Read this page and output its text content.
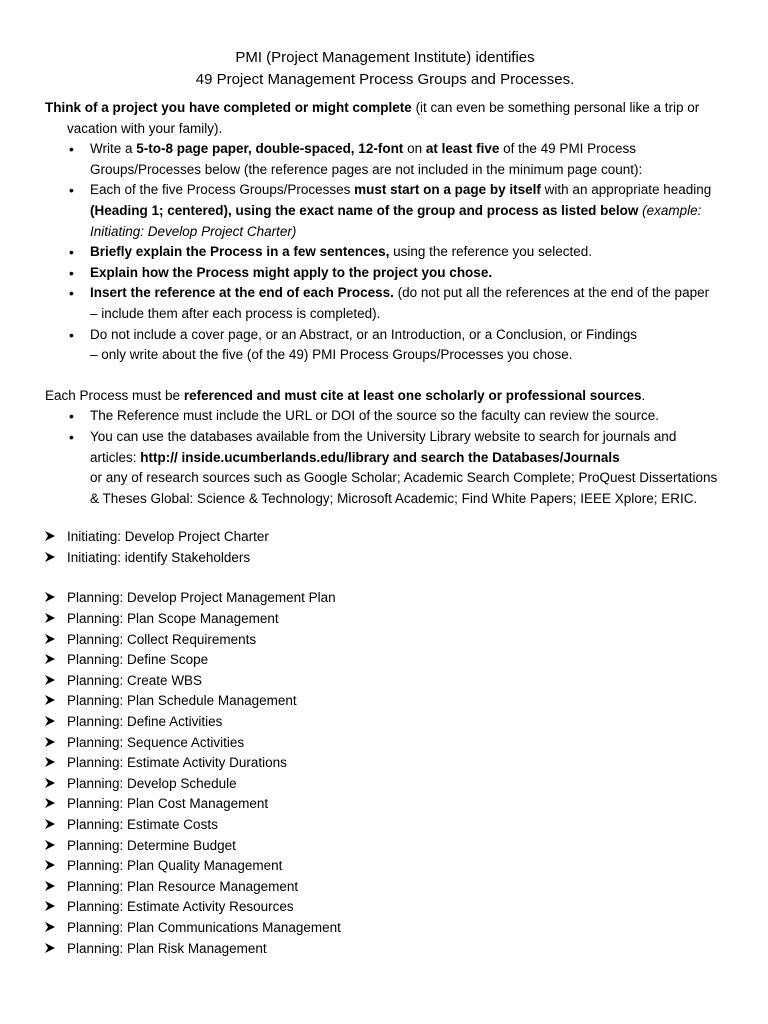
PMI (Project Management Institute) identifies
49 Project Management Process Groups and Processes.
Think of a project you have completed or might complete (it can even be something personal like a trip or vacation with your family).
• Write a 5-to-8 page paper, double-spaced, 12-font on at least five of the 49 PMI Process Groups/Processes below (the reference pages are not included in the minimum page count):
• Each of the five Process Groups/Processes must start on a page by itself with an appropriate heading (Heading 1; centered), using the exact name of the group and process as listed below (example: Initiating: Develop Project Charter)
• Briefly explain the Process in a few sentences, using the reference you selected.
• Explain how the Process might apply to the project you chose.
• Insert the reference at the end of each Process. (do not put all the references at the end of the paper
– include them after each process is completed).
• Do not include a cover page, or an Abstract, or an Introduction, or a Conclusion, or Findings
– only write about the five (of the 49) PMI Process Groups/Processes you chose.
Each Process must be referenced and must cite at least one scholarly or professional sources.
• The Reference must include the URL or DOI of the source so the faculty can review the source.
• You can use the databases available from the University Library website to search for journals and articles: http:// inside.ucumberlands.edu/library and search the Databases/Journals
or any of research sources such as Google Scholar; Academic Search Complete; ProQuest Dissertations & Theses Global: Science & Technology; Microsoft Academic; Find White Papers; IEEE Xplore; ERIC.
Initiating: Develop Project Charter
Initiating: identify Stakeholders
Planning: Develop Project Management Plan
Planning: Plan Scope Management
Planning: Collect Requirements
Planning: Define Scope
Planning: Create WBS
Planning: Plan Schedule Management
Planning: Define Activities
Planning: Sequence Activities
Planning: Estimate Activity Durations
Planning: Develop Schedule
Planning: Plan Cost Management
Planning: Estimate Costs
Planning: Determine Budget
Planning: Plan Quality Management
Planning: Plan Resource Management
Planning: Estimate Activity Resources
Planning: Plan Communications Management
Planning: Plan Risk Management
